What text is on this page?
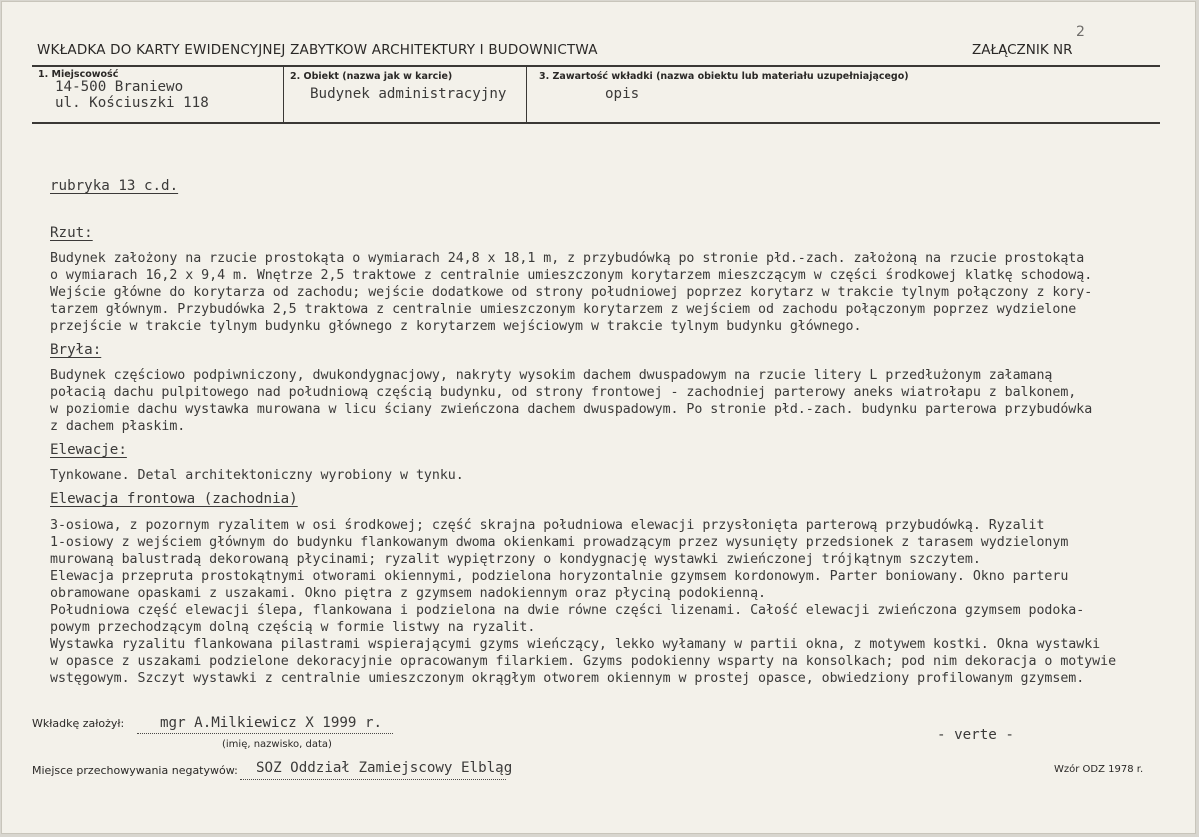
2
WKŁADKA DO KARTY EWIDENCYJNEJ ZABYTKOW ARCHITEKTURY I BUDOWNICTWA	ZAŁĄCZNIK NR
1. Miejscowość
14-500 Braniewo
ul. Kościuszki 118
2. Obiekt (nazwa jak w karcie)
Budynek administracyjny
3. Zawartość wkładki (nazwa obiektu lub materiału uzupełniającego)
opis
rubryka 13 c.d.
Rzut:
Budynek założony na rzucie prostokąta o wymiarach 24,8 x 18,1 m, z przybudówką po stronie płd.-zach. założoną na rzucie prostokąta
o wymiarach 16,2 x 9,4 m. Wnętrze 2,5 traktowe z centralnie umieszczonym korytarzem mieszczącym w części środkowej klatkę schodową.
Wejście główne do korytarza od zachodu; wejście dodatkowe od strony południowej poprzez korytarz w trakcie tylnym połączony z kory-
tarzem głównym. Przybudówka 2,5 traktowa z centralnie umieszczonym korytarzem z wejściem od zachodu połączonym poprzez wydzielone
przejście w trakcie tylnym budynku głównego z korytarzem wejściowym w trakcie tylnym budynku głównego.
Bryła:
Budynek częściowo podpiwniczony, dwukondygnacjowy, nakryty wysokim dachem dwuspadowym na rzucie litery L przedłużonym załamaną
połacią dachu pulpitowego nad południową częścią budynku, od strony frontowej - zachodniej parterowy aneks wiatrołapu z balkonem,
w poziomie dachu wystawka murowana w licu ściany zwieńczona dachem dwuspadowym. Po stronie płd.-zach. budynku parterowa przybudówka
z dachem płaskim.
Elewacje:
Tynkowane. Detal architektoniczny wyrobiony w tynku.
Elewacja frontowa (zachodnia)
3-osiowa, z pozornym ryzalitem w osi środkowej; część skrajna południowa elewacji przysłonięta parterową przybudówką. Ryzalit
1-osiowy z wejściem głównym do budynku flankowanym dwoma okienkami prowadzącym przez wysunięty przedsionek z tarasem wydzielonym
murowaną balustradą dekorowaną płycinami; ryzalit wypiętrzony o kondygnację wystawki zwieńczonej trójkątnym szczytem.
Elewacja przepruta prostokątnymi otworami okiennymi, podzielona horyzontalnie gzymsem kordonowym. Parter boniowany. Okno parteru
obramowane opaskami z uszakami. Okno piętra z gzymsem nadokiennym oraz płyciną podokienną.
Południowa część elewacji ślepa, flankowana i podzielona na dwie równe części lizenami. Całość elewacji zwieńczona gzymsem podoka-
powym przechodzącym dolną częścią w formie listwy na ryzalit.
Wystawka ryzalitu flankowana pilastrami wspierającymi gzyms wieńczący, lekko wyłamany w partii okna, z motywem kostki. Okna wystawki
w opasce z uszakami podzielone dekoracyjnie opracowanym filarkiem. Gzyms podokienny wsparty na konsolkach; pod nim dekoracja o motywie
wstęgowym. Szczyt wystawki z centralnie umieszczonym okrągłym otworem okiennym w prostej opasce, obwiedziony profilowanym gzymsem.
Wkładkę założył:	mgr A.Milkiewicz X 1999 r.
(imię, nazwisko, data)
- verte -
Miejsce przechowywania negatywów: SOZ Oddział Zamiejscowy Elbląg	Wzór ODZ 1978 r.
